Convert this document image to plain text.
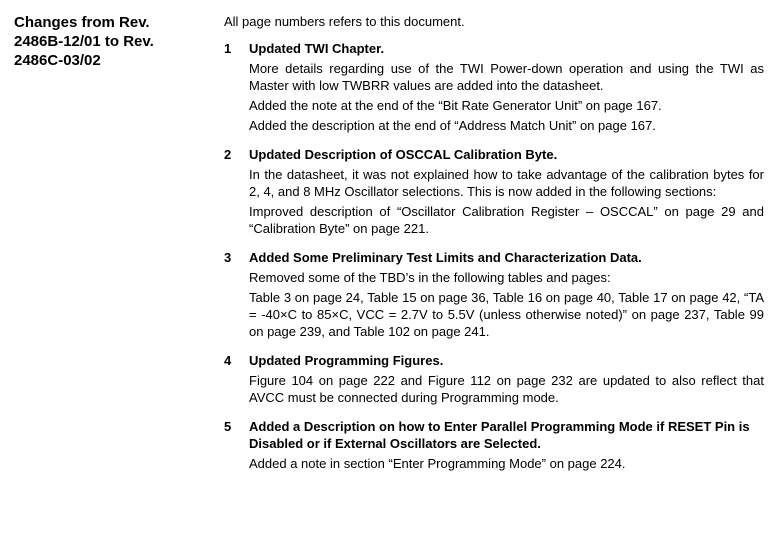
Changes from Rev.
2486B-12/01 to Rev.
2486C-03/02

All page numbers refers to this document.

1	Updated TWI Chapter.

More details regarding use of the TWI Power-down operation and using the TWI as Master with low TWBRR values are added into the datasheet.

Added the note at the end of the “Bit Rate Generator Unit” on page 167.

Added the description at the end of “Address Match Unit” on page 167.

2	Updated Description of OSCCAL Calibration Byte.

In the datasheet, it was not explained how to take advantage of the calibration bytes for 2, 4, and 8 MHz Oscillator selections. This is now added in the following sections:

Improved description of “Oscillator Calibration Register – OSCCAL” on page 29 and “Calibration Byte” on page 221.

3	Added Some Preliminary Test Limits and Characterization Data.

Removed some of the TBD’s in the following tables and pages:

Table 3 on page 24, Table 15 on page 36, Table 16 on page 40, Table 17 on page 42, “TA = -40×C to 85×C, VCC = 2.7V to 5.5V (unless otherwise noted)” on page 237, Table 99 on page 239, and Table 102 on page 241.

4	Updated Programming Figures.

Figure 104 on page 222 and Figure 112 on page 232 are updated to also reflect that AVCC must be connected during Programming mode.

5	Added a Description on how to Enter Parallel Programming Mode if RESET Pin is Disabled or if External Oscillators are Selected.

Added a note in section “Enter Programming Mode” on page 224.
